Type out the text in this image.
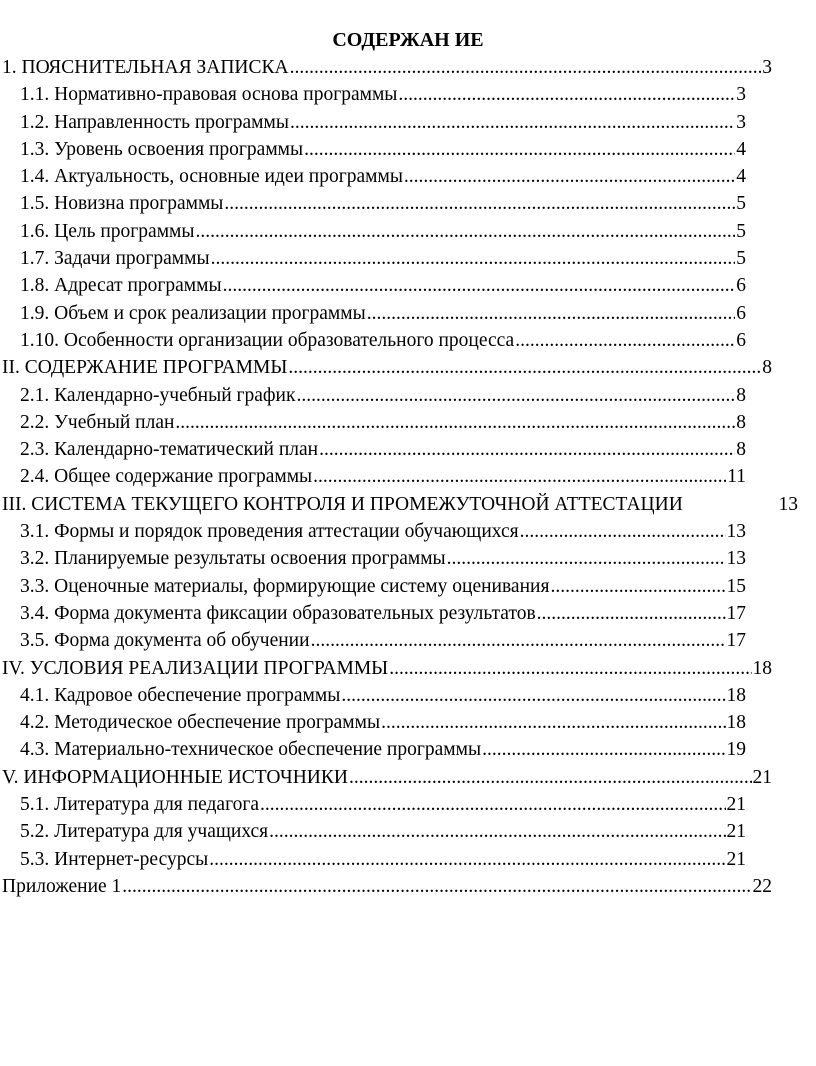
СОДЕРЖАН ИЕ
1. ПОЯСНИТЕЛЬНАЯ ЗАПИСКА .....	3
1.1. Нормативно-правовая основа программы .....	3
1.2. Направленность программы .....	3
1.3. Уровень освоения программы .....	4
1.4. Актуальность, основные идеи программы .....	4
1.5. Новизна программы .....	5
1.6. Цель программы .....	5
1.7. Задачи программы .....	5
1.8. Адресат программы .....	6
1.9. Объем и срок реализации программы .....	6
1.10. Особенности организации образовательного процесса .....	6
II. СОДЕРЖАНИЕ ПРОГРАММЫ .....	8
2.1. Календарно-учебный график .....	8
2.2. Учебный план .....	8
2.3. Календарно-тематический план .....	8
2.4. Общее содержание программы .....	11
III. СИСТЕМА ТЕКУЩЕГО КОНТРОЛЯ И ПРОМЕЖУТОЧНОЙ АТТЕСТАЦИИ	13
3.1. Формы и порядок проведения аттестации обучающихся .....	13
3.2. Планируемые результаты освоения программы .....	13
3.3. Оценочные материалы, формирующие систему оценивания .....	15
3.4. Форма документа фиксации образовательных результатов .....	17
3.5. Форма документа об обучении .....	17
IV. УСЛОВИЯ РЕАЛИЗАЦИИ ПРОГРАММЫ .....	18
4.1. Кадровое обеспечение программы .....	18
4.2. Методическое обеспечение программы .....	18
4.3. Материально-техническое обеспечение программы .....	19
V. ИНФОРМАЦИОННЫЕ ИСТОЧНИКИ .....	21
5.1. Литература для педагога .....	21
5.2. Литература для учащихся .....	21
5.3. Интернет-ресурсы .....	21
Приложение 1 .....	22
